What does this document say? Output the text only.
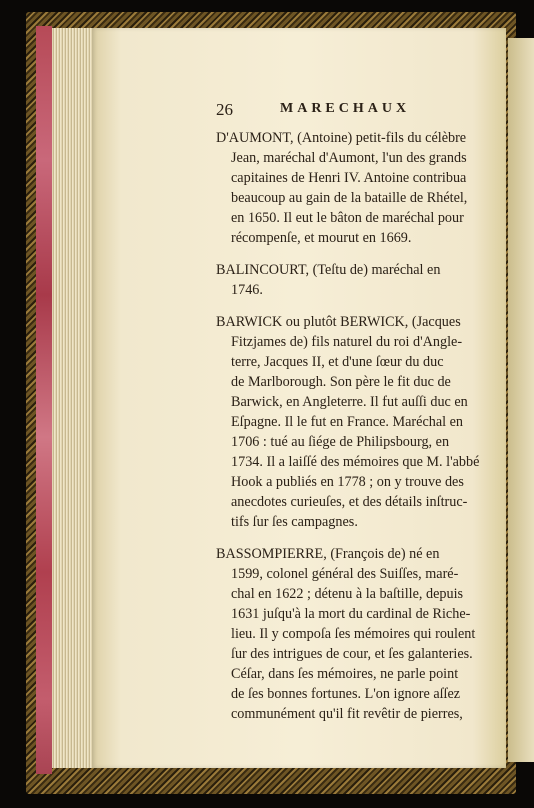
26	MARECHAUX
D'AUMONT, (Antoine) petit-fils du célèbre
Jean, maréchal d'Aumont, l'un des grands
capitaines de Henri IV. Antoine contribua
beaucoup au gain de la bataille de Rhétel,
en 1650. Il eut le bâton de maréchal pour
récompenſe, et mourut en 1669.
BALINCOURT, (Teſtu de) maréchal en
1746.
BARWICK ou plutôt BERWICK, (Jacques
Fitzjames de) fils naturel du roi d'Angle-
terre, Jacques II, et d'une ſœur du duc
de Marlborough. Son père le fit duc de
Barwick, en Angleterre. Il fut auſſi duc en
Eſpagne. Il le fut en France. Maréchal en
1706 : tué au ſiége de Philipsbourg, en
1734. Il a laiſſé des mémoires que M. l'abbé
Hook a publiés en 1778 ; on y trouve des
anecdotes curieuſes, et des détails inſtruc-
tifs ſur ſes campagnes.
BASSOMPIERRE, (François de) né en
1599, colonel général des Suiſſes, maré-
chal en 1622 ; détenu à la baſtille, depuis
1631 juſqu'à la mort du cardinal de Riche-
lieu. Il y compoſa ſes mémoires qui roulent
ſur des intrigues de cour, et ſes galanteries.
Céſar, dans ſes mémoires, ne parle point
de ſes bonnes fortunes. L'on ignore aſſez
communément qu'il fit revêtir de pierres,
